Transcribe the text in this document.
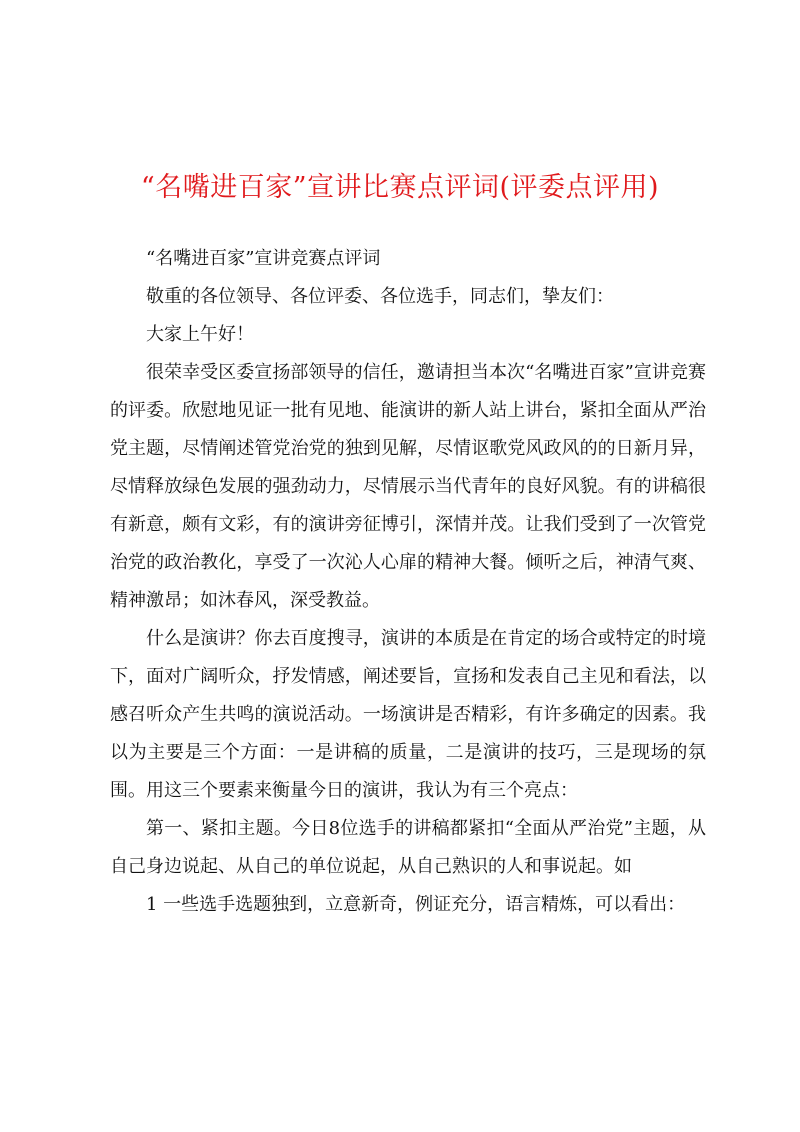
“名嘴进百家”宣讲比赛点评词(评委点评用)

“名嘴进百家”宣讲竞赛点评词

敬重的各位领导、各位评委、各位选手，同志们，挚友们：

大家上午好！

很荣幸受区委宣扬部领导的信任，邀请担当本次“名嘴进百家”宣讲竞赛的评委。欣慰地见证一批有见地、能演讲的新人站上讲台，紧扣全面从严治党主题，尽情阐述管党治党的独到见解，尽情讴歌党风政风的的日新月异，尽情释放绿色发展的强劲动力，尽情展示当代青年的良好风貌。有的讲稿很有新意，颇有文彩，有的演讲旁征博引，深情并茂。让我们受到了一次管党治党的政治教化，享受了一次沁人心扉的精神大餐。倾听之后，神清气爽、精神激昂；如沐春风，深受教益。

什么是演讲？你去百度搜寻，演讲的本质是在肯定的场合或特定的时境下，面对广阔听众，抒发情感，阐述要旨，宣扬和发表自己主见和看法，以感召听众产生共鸣的演说活动。一场演讲是否精彩，有许多确定的因素。我以为主要是三个方面：一是讲稿的质量，二是演讲的技巧，三是现场的氛围。用这三个要素来衡量今日的演讲，我认为有三个亮点：

第一、紧扣主题。今日8位选手的讲稿都紧扣“全面从严治党”主题，从自己身边说起、从自己的单位说起，从自己熟识的人和事说起。如

1 一些选手选题独到，立意新奇，例证充分，语言精炼，可以看出：
